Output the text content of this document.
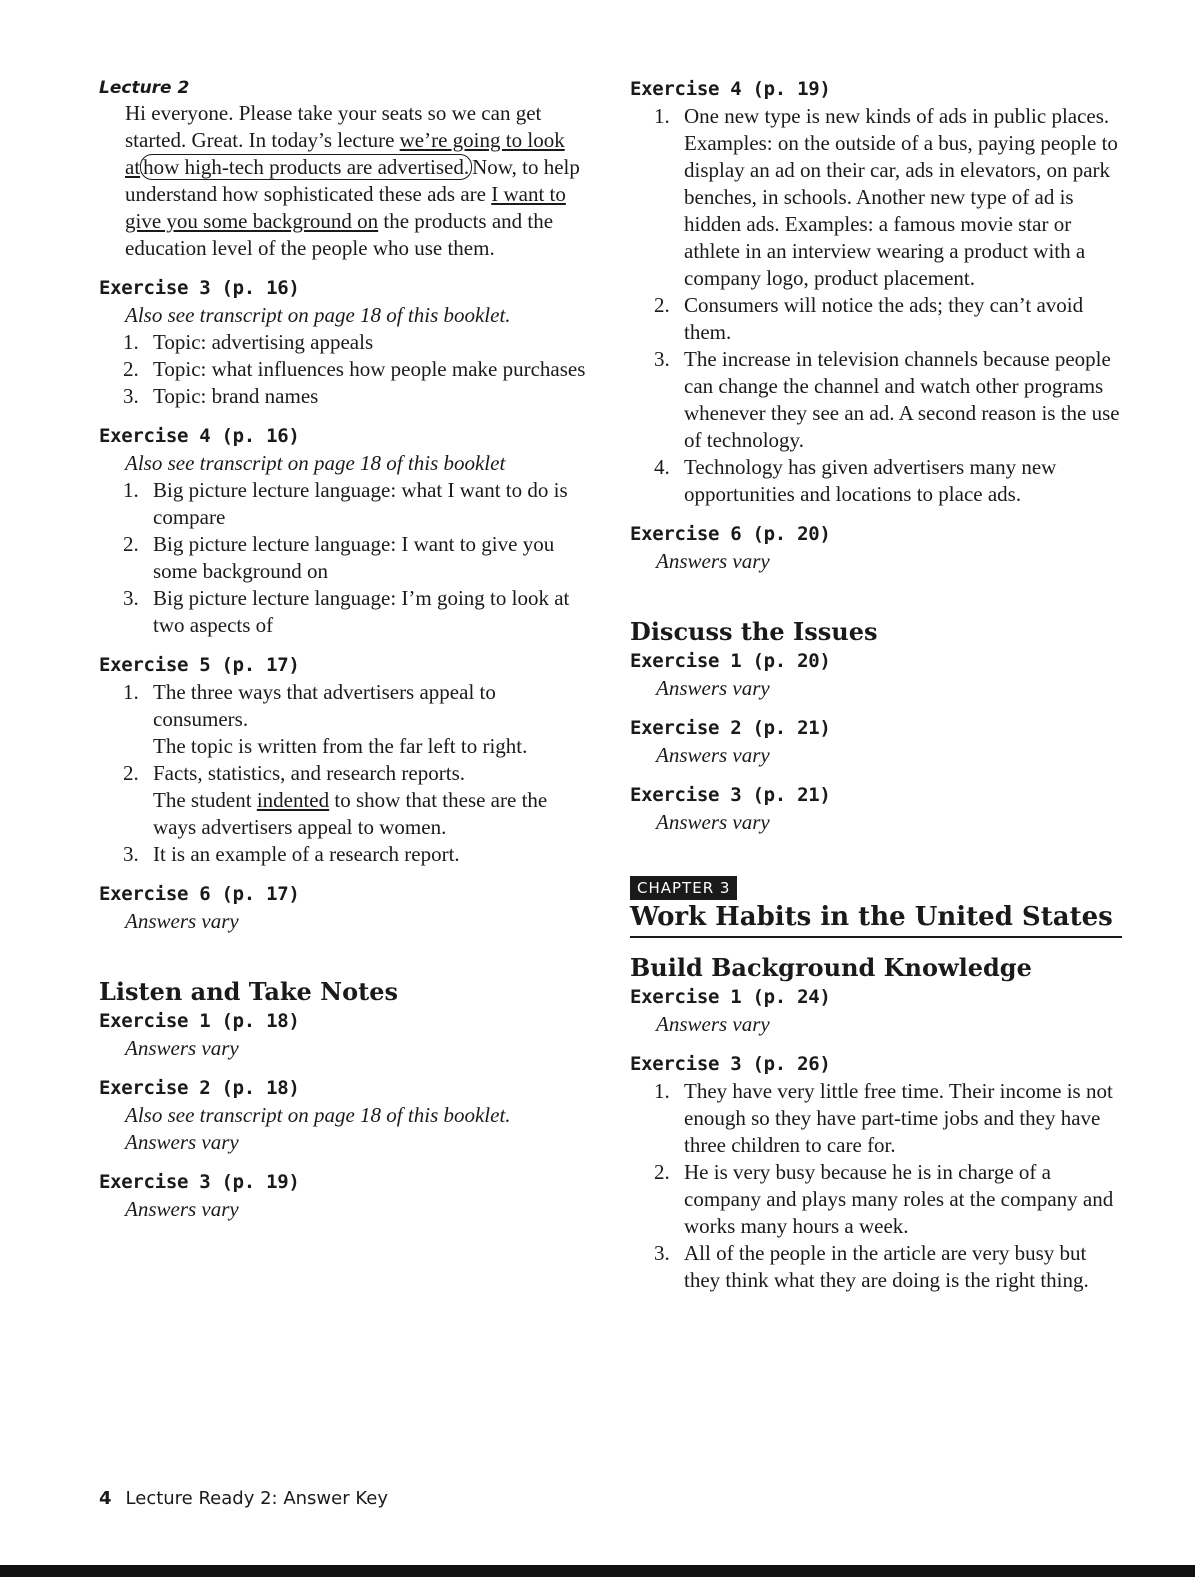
Lecture 2

Hi everyone. Please take your seats so we can get started. Great. In today’s lecture we’re going to look at how high-tech products are advertised. Now, to help understand how sophisticated these ads are I want to give you some background on the products and the education level of the people who use them.

Exercise 3 (p. 16)

Also see transcript on page 18 of this booklet.

1. Topic: advertising appeals
2. Topic: what influences how people make purchases
3. Topic: brand names

Exercise 4 (p. 16)

Also see transcript on page 18 of this booklet

1. Big picture lecture language: what I want to do is compare
2. Big picture lecture language: I want to give you some background on
3. Big picture lecture language: I’m going to look at two aspects of

Exercise 5 (p. 17)

1. The three ways that advertisers appeal to consumers.
The topic is written from the far left to right.
2. Facts, statistics, and research reports.
The student indented to show that these are the ways advertisers appeal to women.
3. It is an example of a research report.

Exercise 6 (p. 17)

Answers vary

Listen and Take Notes

Exercise 1 (p. 18)

Answers vary

Exercise 2 (p. 18)

Also see transcript on page 18 of this booklet.

Answers vary

Exercise 3 (p. 19)

Answers vary

Exercise 4 (p. 19)

1. One new type is new kinds of ads in public places. Examples: on the outside of a bus, paying people to display an ad on their car, ads in elevators, on park benches, in schools. Another new type of ad is hidden ads. Examples: a famous movie star or athlete in an interview wearing a product with a company logo, product placement.
2. Consumers will notice the ads; they can’t avoid them.
3. The increase in television channels because people can change the channel and watch other programs whenever they see an ad. A second reason is the use of technology.
4. Technology has given advertisers many new opportunities and locations to place ads.

Exercise 6 (p. 20)

Answers vary

Discuss the Issues

Exercise 1 (p. 20)

Answers vary

Exercise 2 (p. 21)

Answers vary

Exercise 3 (p. 21)

Answers vary

CHAPTER 3

Work Habits in the United States

Build Background Knowledge

Exercise 1 (p. 24)

Answers vary

Exercise 3 (p. 26)

1. They have very little free time. Their income is not enough so they have part-time jobs and they have three children to care for.
2. He is very busy because he is in charge of a company and plays many roles at the company and works many hours a week.
3. All of the people in the article are very busy but they think what they are doing is the right thing.
4 Lecture Ready 2: Answer Key
